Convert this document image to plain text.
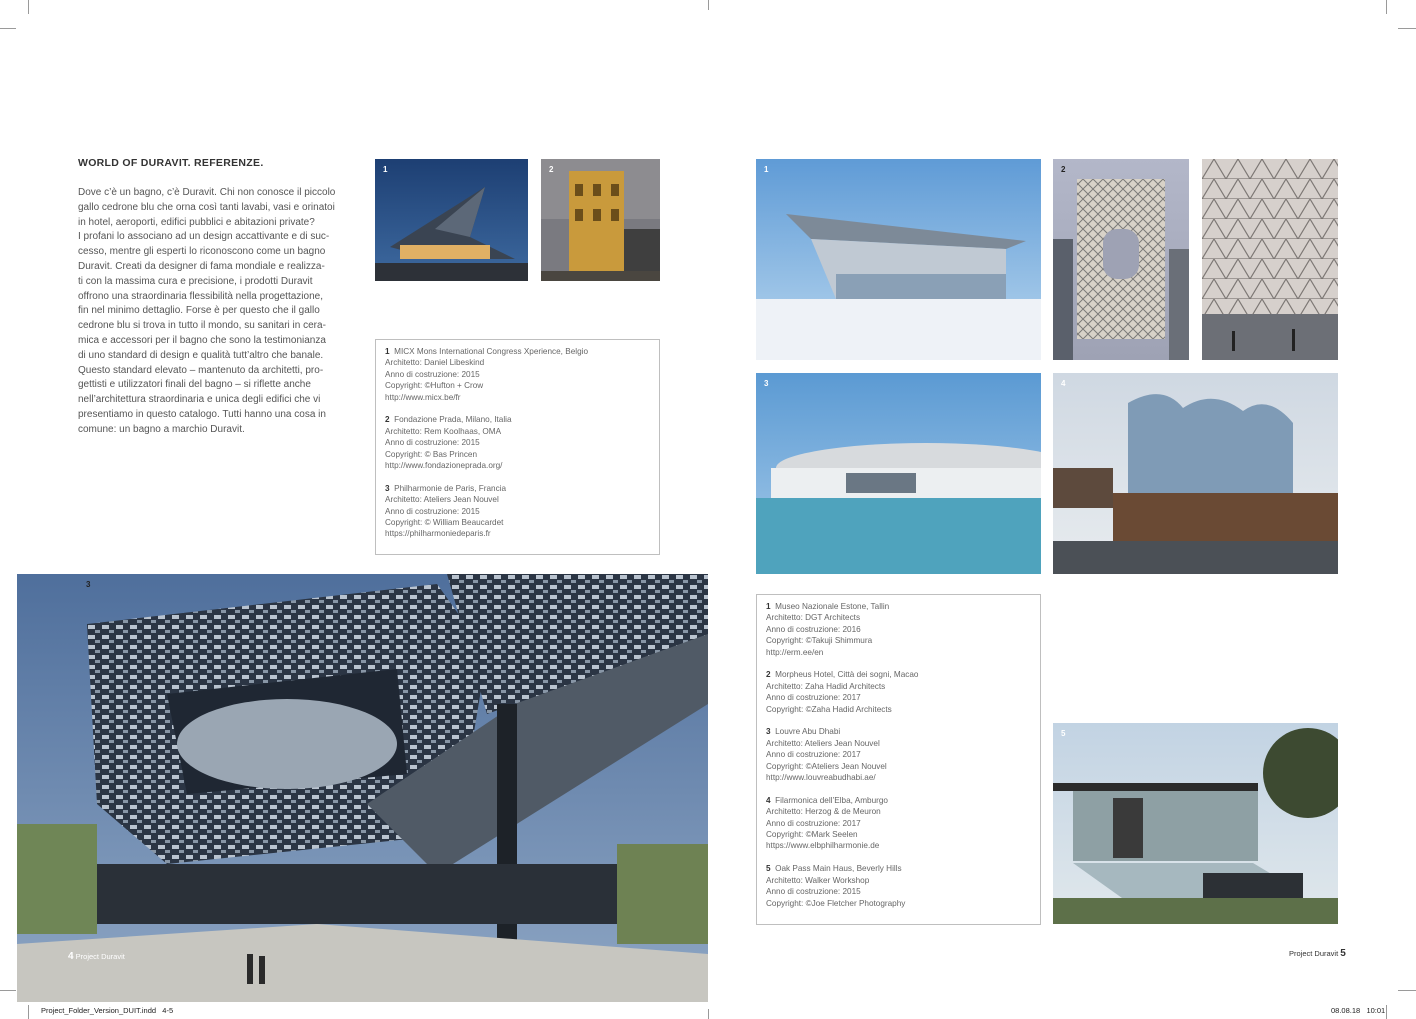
WORLD OF DURAVIT. REFERENZE.

Dove c’è un bagno, c’è Duravit. Chi non conosce il piccolo
gallo cedrone blu che orna così tanti lavabi, vasi e orinatoi
in hotel, aeroporti, edifici pubblici e abitazioni private?
I profani lo associano ad un design accattivante e di suc-
cesso, mentre gli esperti lo riconoscono come un bagno
Duravit. Creati da designer di fama mondiale e realizza-
ti con la massima cura e precisione, i prodotti Duravit
offrono una straordinaria flessibilità nella progettazione,
fin nel minimo dettaglio. Forse è per questo che il gallo
cedrone blu si trova in tutto il mondo, su sanitari in cera-
mica e accessori per il bagno che sono la testimonianza
di uno standard di design e qualità tutt’altro che banale.
Questo standard elevato – mantenuto da architetti, pro-
gettisti e utilizzatori finali del bagno – si riflette anche
nell’architettura straordinaria e unica degli edifici che vi
presentiamo in questo catalogo. Tutti hanno una cosa in
comune: un bagno a marchio Duravit.

1	2
1 MICX Mons International Congress Xperience, Belgio
Architetto: Daniel Libeskind
Anno di costruzione: 2015
Copyright: ©Hufton + Crow
http://www.micx.be/fr
2 Fondazione Prada, Milano, Italia
Architetto: Rem Koolhaas, OMA
Anno di costruzione: 2015
Copyright: © Bas Princen
http://www.fondazioneprada.org/
3 Philharmonie de Paris, Francia
Architetto: Ateliers Jean Nouvel
Anno di costruzione: 2015
Copyright: © William Beaucardet
https://philharmoniedeparis.fr
3
4 Project Duravit
1	2
3	4
1 Museo Nazionale Estone, Tallin
Architetto: DGT Architects
Anno di costruzione: 2016
Copyright: ©Takuji Shimmura
http://erm.ee/en
2 Morpheus Hotel, Città dei sogni, Macao
Architetto: Zaha Hadid Architects
Anno di costruzione: 2017
Copyright: ©Zaha Hadid Architects
3 Louvre Abu Dhabi
Architetto: Ateliers Jean Nouvel
Anno di costruzione: 2017
Copyright: ©Ateliers Jean Nouvel
http://www.louvreabudhabi.ae/
4 Filarmonica dell’Elba, Amburgo
Architetto: Herzog & de Meuron
Anno di costruzione: 2017
Copyright: ©Mark Seelen
https://www.elbphilharmonie.de
5 Oak Pass Main Haus, Beverly Hills
Architetto: Walker Workshop
Anno di costruzione: 2015
Copyright: ©Joe Fletcher Photography
5
Project Duravit 5
Project_Folder_Version_DUIT.indd   4-5	08.08.18   10:01
